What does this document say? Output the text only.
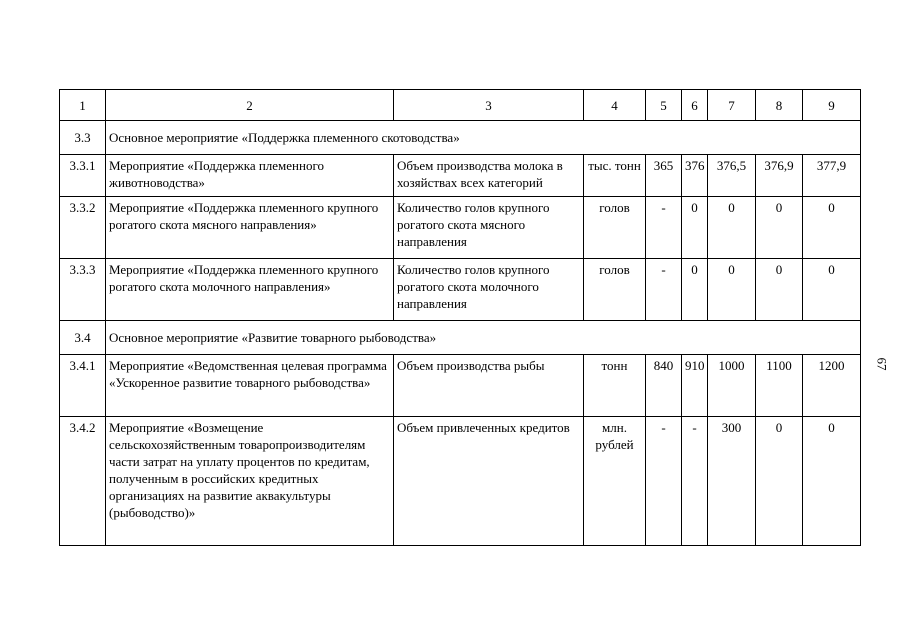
1	2	3	4	5	6	7	8	9
3.3	Основное мероприятие «Поддержка племенного скотоводства»							
3.3.1	Мероприятие «Поддержка племенного животноводства»	Объем производства молока в хозяйствах всех категорий	тыс. тонн	365	376	376,5	376,9	377,9
3.3.2	Мероприятие «Поддержка племенного крупного рогатого скота мясного направления»	Количество голов крупного рогатого скота мясного направления	голов	-	0	0	0	0
3.3.3	Мероприятие «Поддержка племенного крупного рогатого скота молочного направления»	Количество голов крупного рогатого скота молочного направления	голов	-	0	0	0	0
3.4	Основное мероприятие «Развитие товарного рыбоводства»							
3.4.1	Мероприятие «Ведомственная целевая программа «Ускоренное развитие товарного рыбоводства»	Объем производства рыбы	тонн	840	910	1000	1100	1200
3.4.2	Мероприятие «Возмещение сельскохозяйственным товаропроизводителям части затрат на уплату процентов по кредитам, полученным в российских кредитных организациях на развитие аквакультуры (рыбоводство)»	Объем привлеченных кредитов	млн. рублей	-	-	300	0	0
67
